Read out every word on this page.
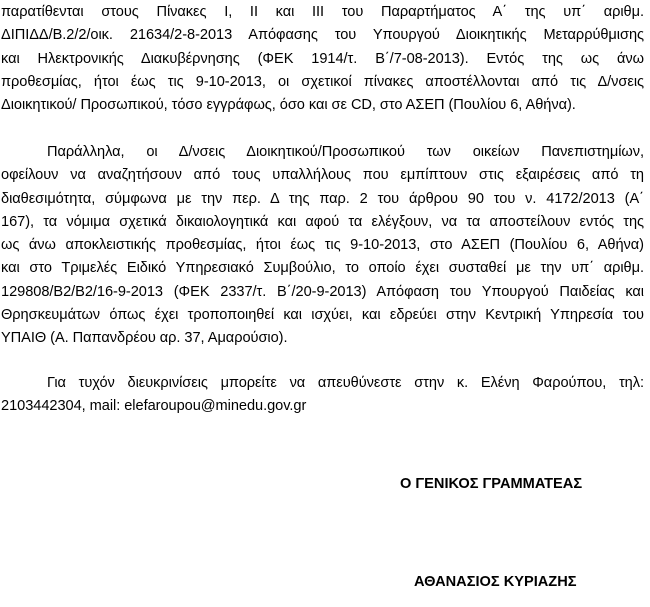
παρατίθενται στους Πίνακες Ι, ΙΙ και ΙΙΙ του Παραρτήματος Α΄ της υπ΄ αριθμ.
ΔΙΠΙΔΔ/Β.2/2/οικ. 21634/2-8-2013 Απόφασης του Υπουργού Διοικητικής Μεταρρύθμισης
και Ηλεκτρονικής Διακυβέρνησης (ΦΕΚ 1914/τ. Β΄/7-08-2013). Εντός της ως άνω
προθεσμίας, ήτοι έως τις 9-10-2013, οι σχετικοί πίνακες αποστέλλονται από τις Δ/νσεις
Διοικητικού/ Προσωπικού, τόσο εγγράφως, όσο και σε CD, στο ΑΣΕΠ (Πουλίου 6, Αθήνα).

Παράλληλα, οι Δ/νσεις Διοικητικού/Προσωπικού των οικείων Πανεπιστημίων,
οφείλουν να αναζητήσουν από τους υπαλλήλους που εμπίπτουν στις εξαιρέσεις από τη
διαθεσιμότητα, σύμφωνα με την περ. Δ της παρ. 2 του άρθρου 90 του ν. 4172/2013 (Α΄
167), τα νόμιμα σχετικά δικαιολογητικά και αφού τα ελέγξουν, να τα αποστείλουν εντός της
ως άνω αποκλειστικής προθεσμίας, ήτοι έως τις 9-10-2013, στο ΑΣΕΠ (Πουλίου 6, Αθήνα)
και στο Τριμελές Ειδικό Υπηρεσιακό Συμβούλιο, το οποίο έχει συσταθεί με την υπ΄ αριθμ.
129808/Β2/Β2/16-9-2013 (ΦΕΚ 2337/τ. Β΄/20-9-2013) Απόφαση του Υπουργού Παιδείας και
Θρησκευμάτων όπως έχει τροποποιηθεί και ισχύει, και εδρεύει στην Κεντρική Υπηρεσία του
ΥΠΑΙΘ (Α. Παπανδρέου αρ. 37, Αμαρούσιο).

Για τυχόν διευκρινίσεις μπορείτε να απευθύνεστε στην κ. Ελένη Φαρούπου, τηλ:
2103442304, mail: elefaroupou@minedu.gov.gr

Ο ΓΕΝΙΚΟΣ ΓΡΑΜΜΑΤΕΑΣ
ΑΘΑΝΑΣΙΟΣ ΚΥΡΙΑΖΗΣ
